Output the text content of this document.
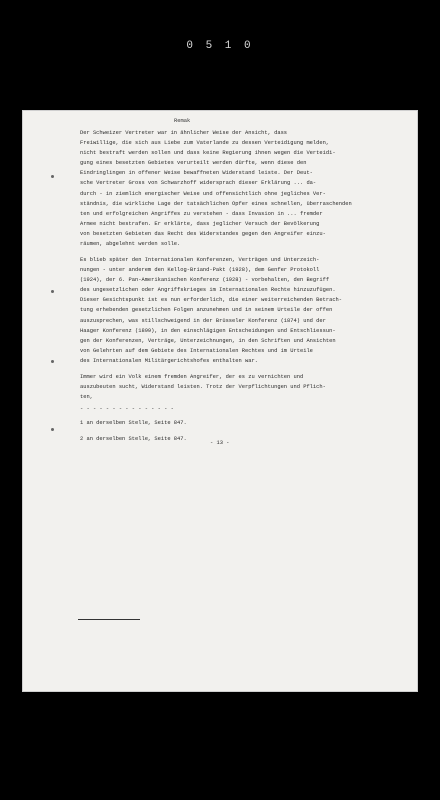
0 5 1 0
Remak
Der Schweizer Vertreter war in ähnlicher Weise der Ansicht, dass
Freiwillige, die sich aus Liebe zum Vaterlande zu dessen Verteidigung melden,
nicht bestraft werden sollen und dass keine Regierung ihnen wegen die Verteidi-
gung eines besetzten Gebietes verurteilt werden dürfte, wenn diese den
Eindringlingen in offener Weise bewaffneten Widerstand leiste. Der Deut-
sche Vertreter Gross von Schwarzhoff widersprach dieser Erklärung ... da-
durch - in ziemlich energischer Weise und offensichtlich ohne jegliches Ver-
ständnis, die wirkliche Lage der tatsächlichen Opfer eines schnellen, überraschenden
ten und erfolgreichen Angriffes zu verstehen - dass Invasion in ... fremder
Armee nicht bestrafen. Er erklärte, dass jeglicher Versuch der Bevölkerung
von besetzten Gebieten das Recht des Widerstandes gegen den Angreifer einzu-
räumen, abgelehnt werden solle.
Es blieb später den Internationalen Konferenzen, Verträgen und Unterzeich-
nungen - unter anderem den Kellog-Briand-Pakt (1928), dem Genfer Protokoll
(1924), der 6. Pan-Amerikanischen Konferenz (1928) - vorbehalten, den Begriff
des ungesetzlichen oder Angriffskrieges im Internationalen Rechte hinzuzufügen.
Dieser Gesichtspunkt ist es nun erforderlich, die einer weiterreichenden Betrach-
tung erhebenden gesetzlichen Folgen anzunehmen und in seinem Urteile der offen
auszusprechen, was stillschweigend in der Brüsseler Konferenz (1874) und der
Haager Konferenz (1899), in den einschlägigen Entscheidungen und Entschliessun-
gen der Konferenzen, Verträge, Unterzeichnungen, in den Schriften und Ansichten
von Gelehrten auf dem Gebiete des Internationalen Rechtes und im Urteile
des Internationalen Militärgerichtshofes enthalten war.
Immer wird ein Volk einem fremden Angreifer, der es zu vernichten und
auszubeuten sucht, Widerstand leisten. Trotz der Verpflichtungen und Pflich-
ten,
- - - - - - - - - - - - - - -
1 an derselben Stelle, Seite 847.
2 an derselben Stelle, Seite 847.
- 13 -
